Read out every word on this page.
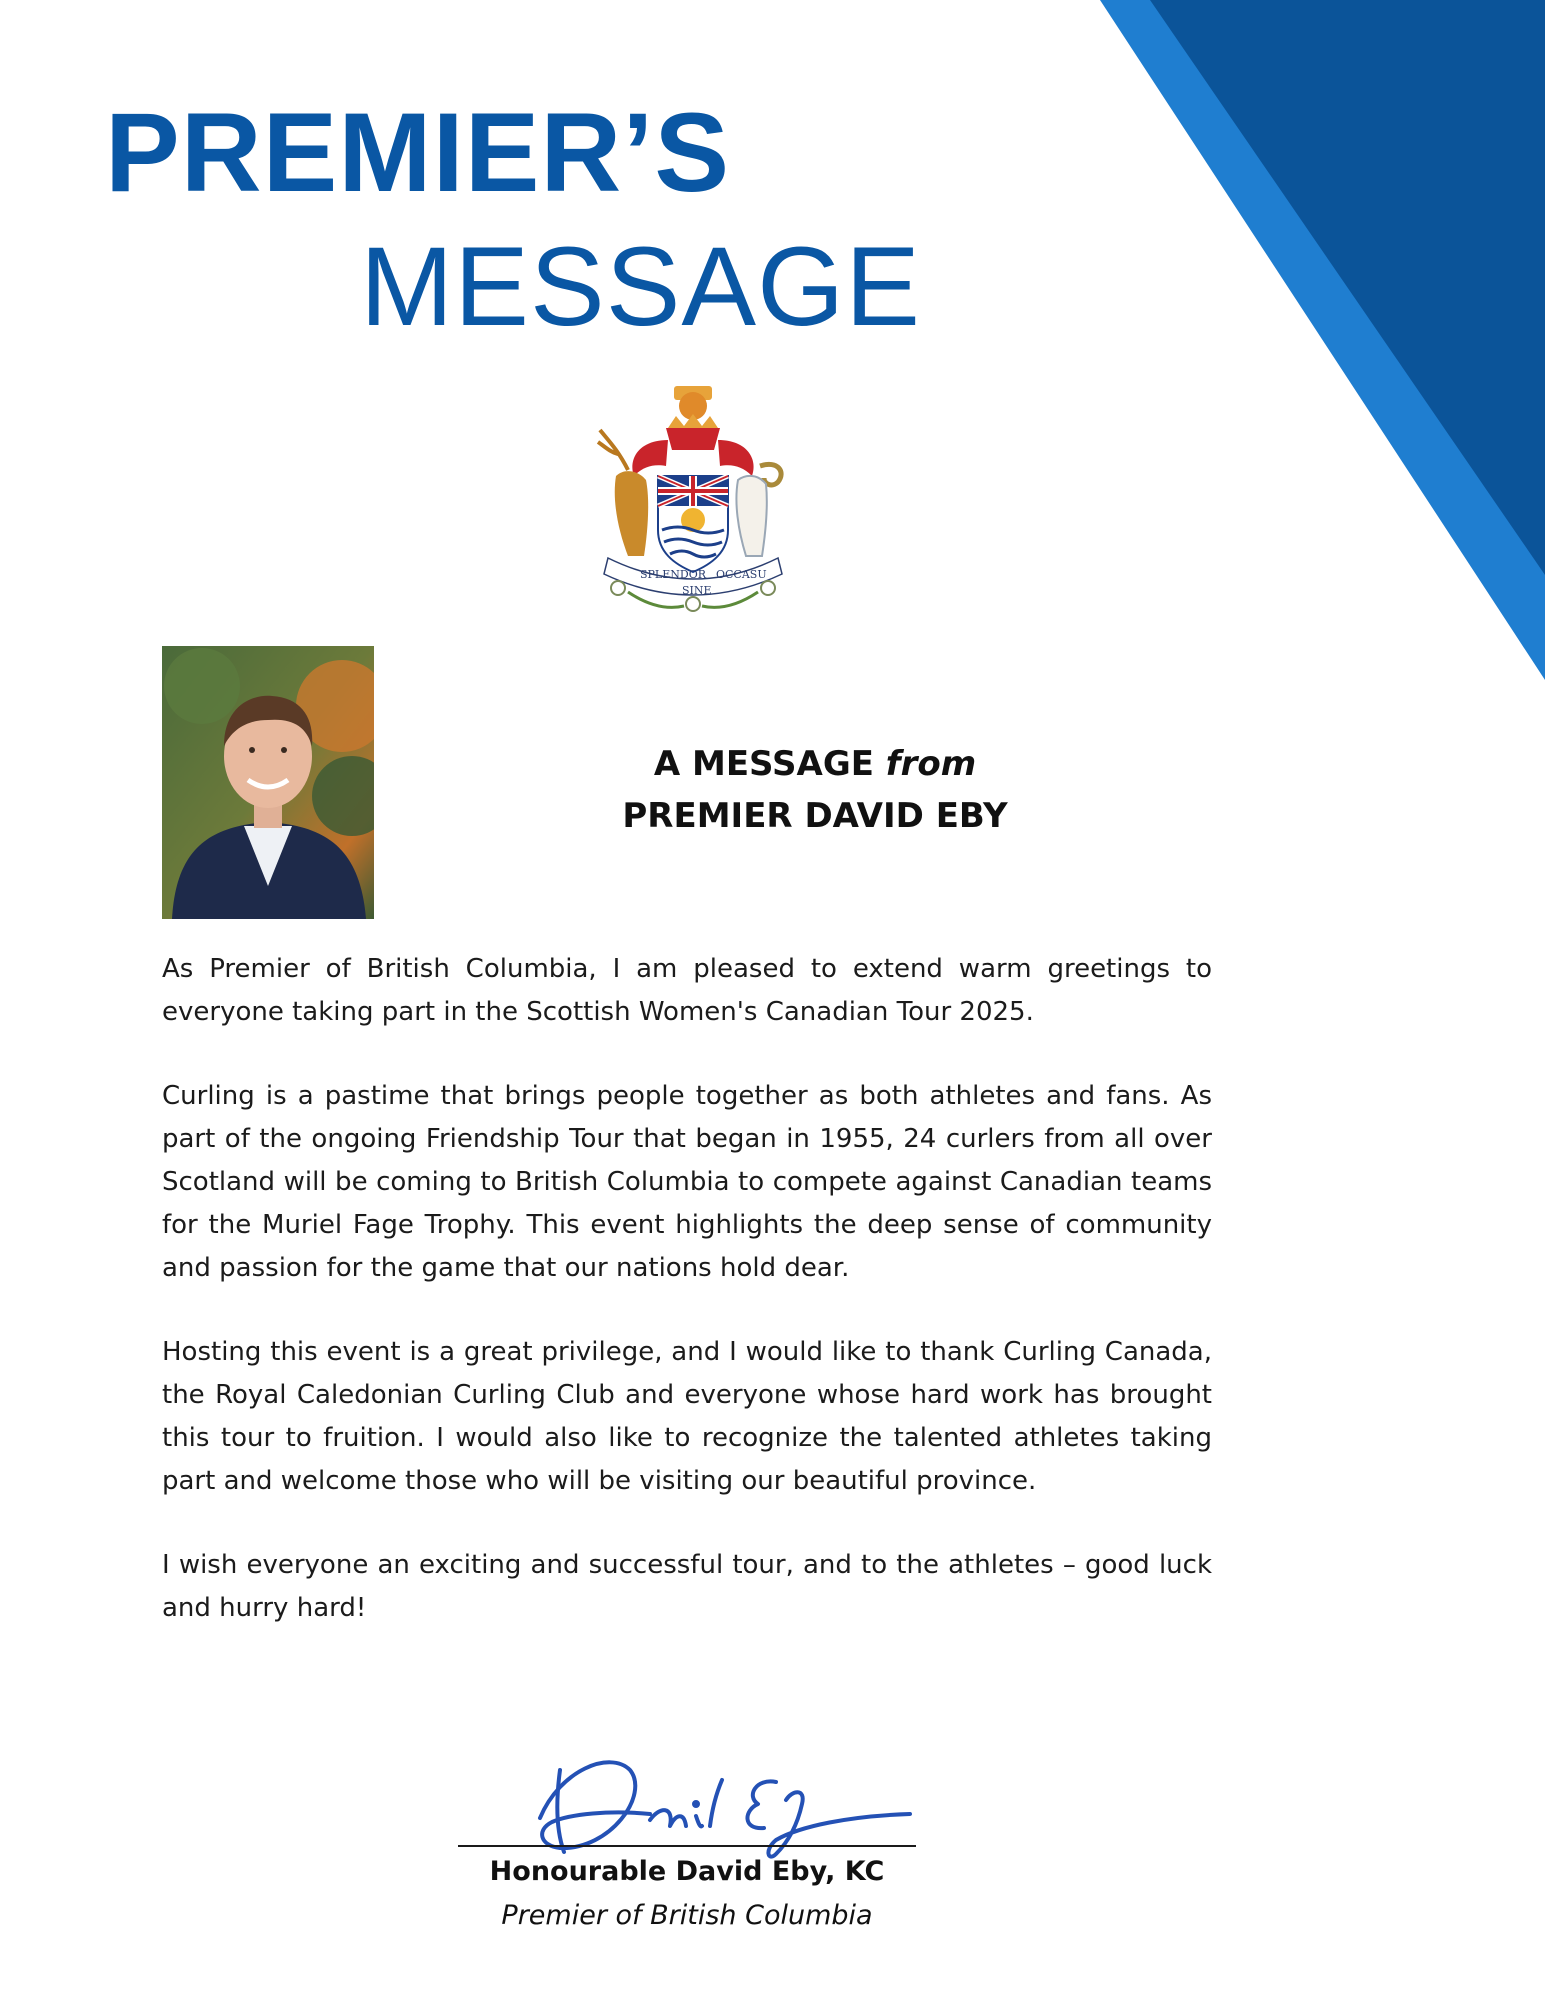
PREMIER’S
MESSAGE
SPLENDOR
SINE
OCCASU
A MESSAGE from
PREMIER DAVID EBY

As Premier of British Columbia, I am pleased to extend warm greetings to everyone taking part in the Scottish Women's Canadian Tour 2025.

Curling is a pastime that brings people together as both athletes and fans. As part of the ongoing Friendship Tour that began in 1955, 24 curlers from all over Scotland will be coming to British Columbia to compete against Canadian teams for the Muriel Fage Trophy. This event highlights the deep sense of community and passion for the game that our nations hold dear.

Hosting this event is a great privilege, and I would like to thank Curling Canada, the Royal Caledonian Curling Club and everyone whose hard work has brought this tour to fruition. I would also like to recognize the talented athletes taking part and welcome those who will be visiting our beautiful province.

I wish everyone an exciting and successful tour, and to the athletes – good luck and hurry hard!

Honourable David Eby, KC
Premier of British Columbia
